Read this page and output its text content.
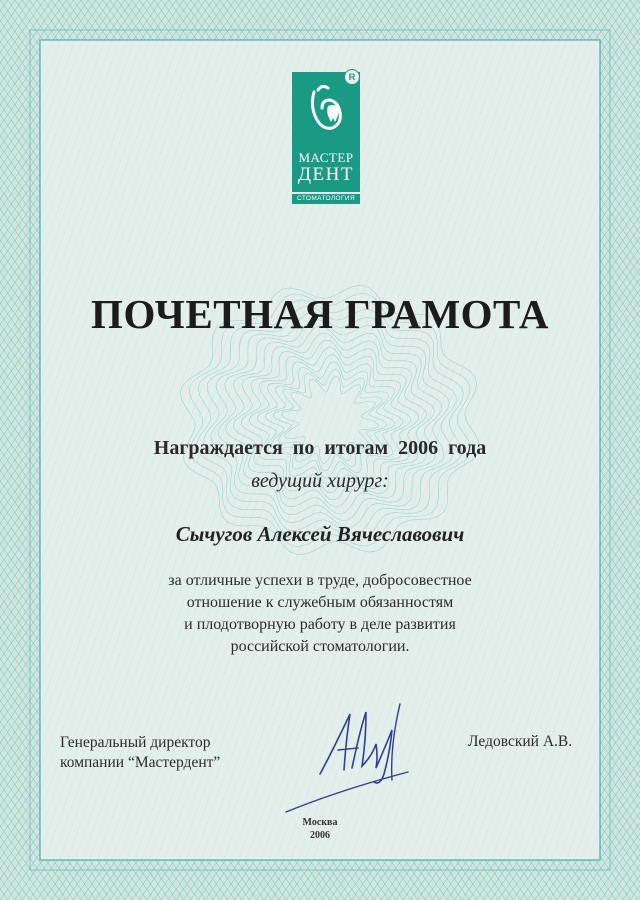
МАСТЕР
ДЕНТ
R
СТОМАТОЛОГИЯ
ПОЧЕТНАЯ ГРАМОТА
Награждается по итогам 2006 года
ведущий хирург:
Сычугов Алексей Вячеславович
за отличные успехи в труде, добросовестное
отношение к служебным обязанностям
и плодотворную работу в деле развития
российской стоматологии.
Генеральный директор
компании “Мастердент”
Ледовский А.В.
Москва
2006
